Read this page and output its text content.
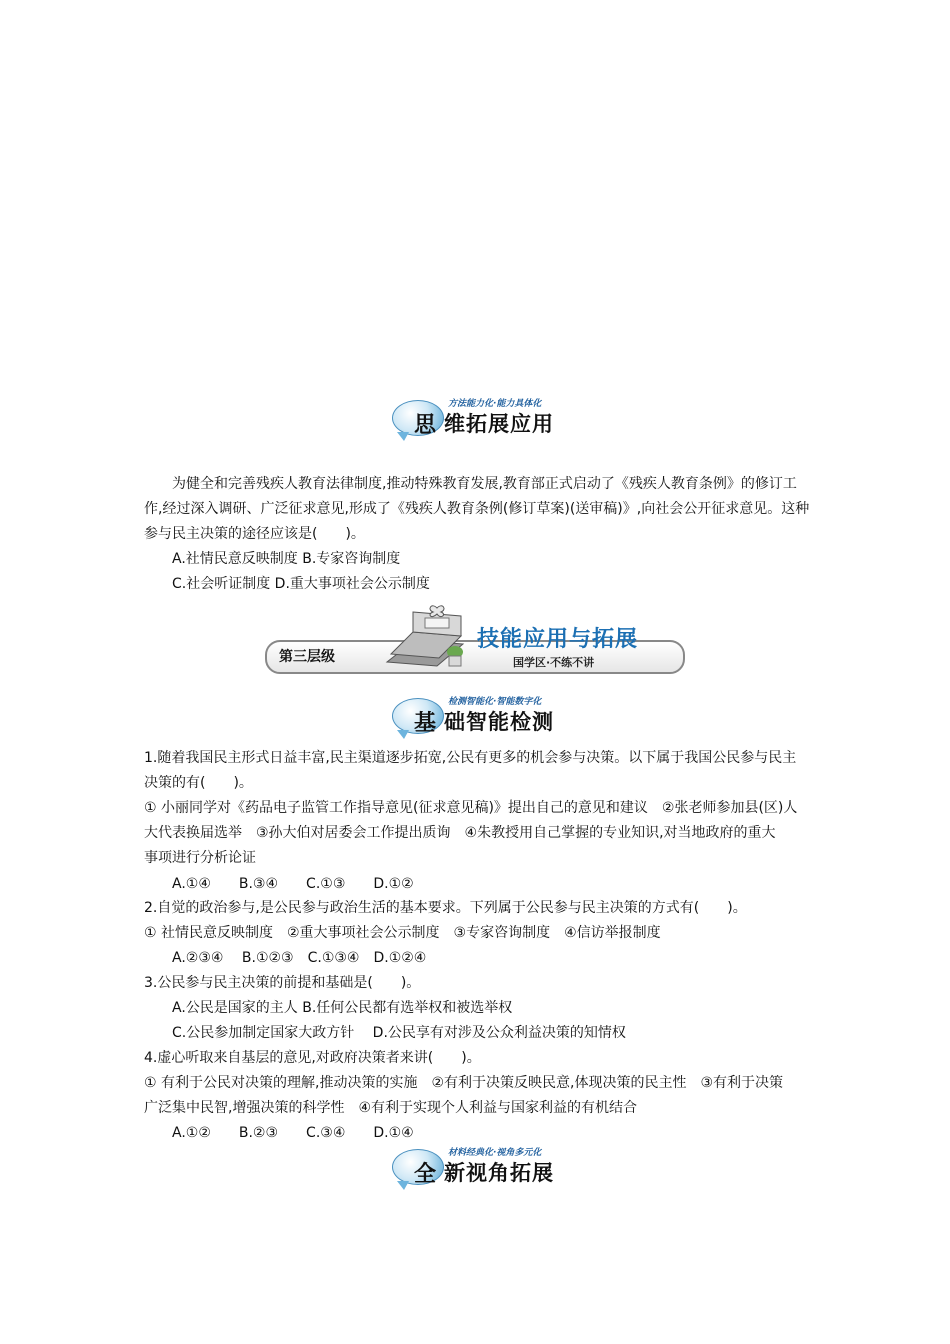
方法能力化·能力具体化
思 维拓展应用
为健全和完善残疾人教育法律制度,推动特殊教育发展,教育部正式启动了《残疾人教育条例》的修订工
作,经过深入调研、广泛征求意见,形成了《残疾人教育条例(修订草案)(送审稿)》,向社会公开征求意见。这种
参与民主决策的途径应该是(　　)。
A.社情民意反映制度 B.专家咨询制度
C.社会听证制度 D.重大事项社会公示制度
第三层级
技能应用与拓展
国学区·不练不讲
检测智能化·智能数字化
基 础智能检测
1.随着我国民主形式日益丰富,民主渠道逐步拓宽,公民有更多的机会参与决策。以下属于我国公民参与民主
决策的有(　　)。
① 小丽同学对《药品电子监管工作指导意见(征求意见稿)》提出自己的意见和建议　②张老师参加县(区)人
大代表换届选举　③孙大伯对居委会工作提出质询　④朱教授用自己掌握的专业知识,对当地政府的重大
事项进行分析论证
A.①④　　B.③④　　C.①③　　D.①②
2.自觉的政治参与,是公民参与政治生活的基本要求。下列属于公民参与民主决策的方式有(　　)。
① 社情民意反映制度　②重大事项社会公示制度　③专家咨询制度　④信访举报制度
A.②③④　 B.①②③　C.①③④　D.①②④
3.公民参与民主决策的前提和基础是(　　)。
A.公民是国家的主人 B.任何公民都有选举权和被选举权
C.公民参加制定国家大政方针　 D.公民享有对涉及公众利益决策的知情权
4.虚心听取来自基层的意见,对政府决策者来讲(　　)。
① 有利于公民对决策的理解,推动决策的实施　②有利于决策反映民意,体现决策的民主性　③有利于决策
广泛集中民智,增强决策的科学性　④有利于实现个人利益与国家利益的有机结合
A.①②　　B.②③　　C.③④　　D.①④
材料经典化·视角多元化
全 新视角拓展
